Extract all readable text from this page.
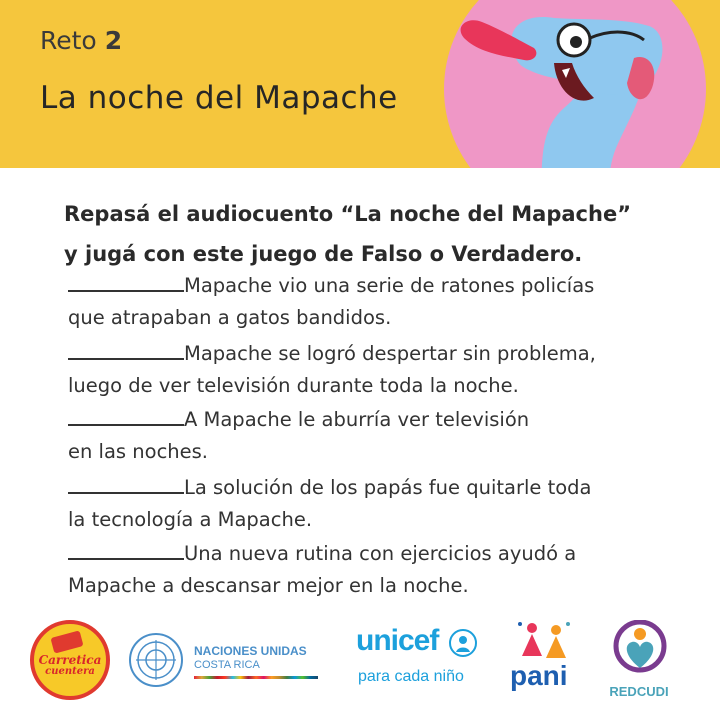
Reto 2
La noche del Mapache
Repasá el audiocuento “La noche del Mapache”
y jugá con este juego de Falso o Verdadero.
Mapache vio una serie de ratones policías
que atrapaban a gatos bandidos.
Mapache se logró despertar sin problema,
luego de ver televisión durante toda la noche.
A Mapache le aburría ver televisión
en las noches.
La solución de los papás fue quitarle toda
la tecnología a Mapache.
Una nueva rutina con ejercicios ayudó a
Mapache a descansar mejor en la noche.
Carretica
cuentera
NACIONES UNIDAS
COSTA RICA
unicef
para cada niño pani
REDCUDI
